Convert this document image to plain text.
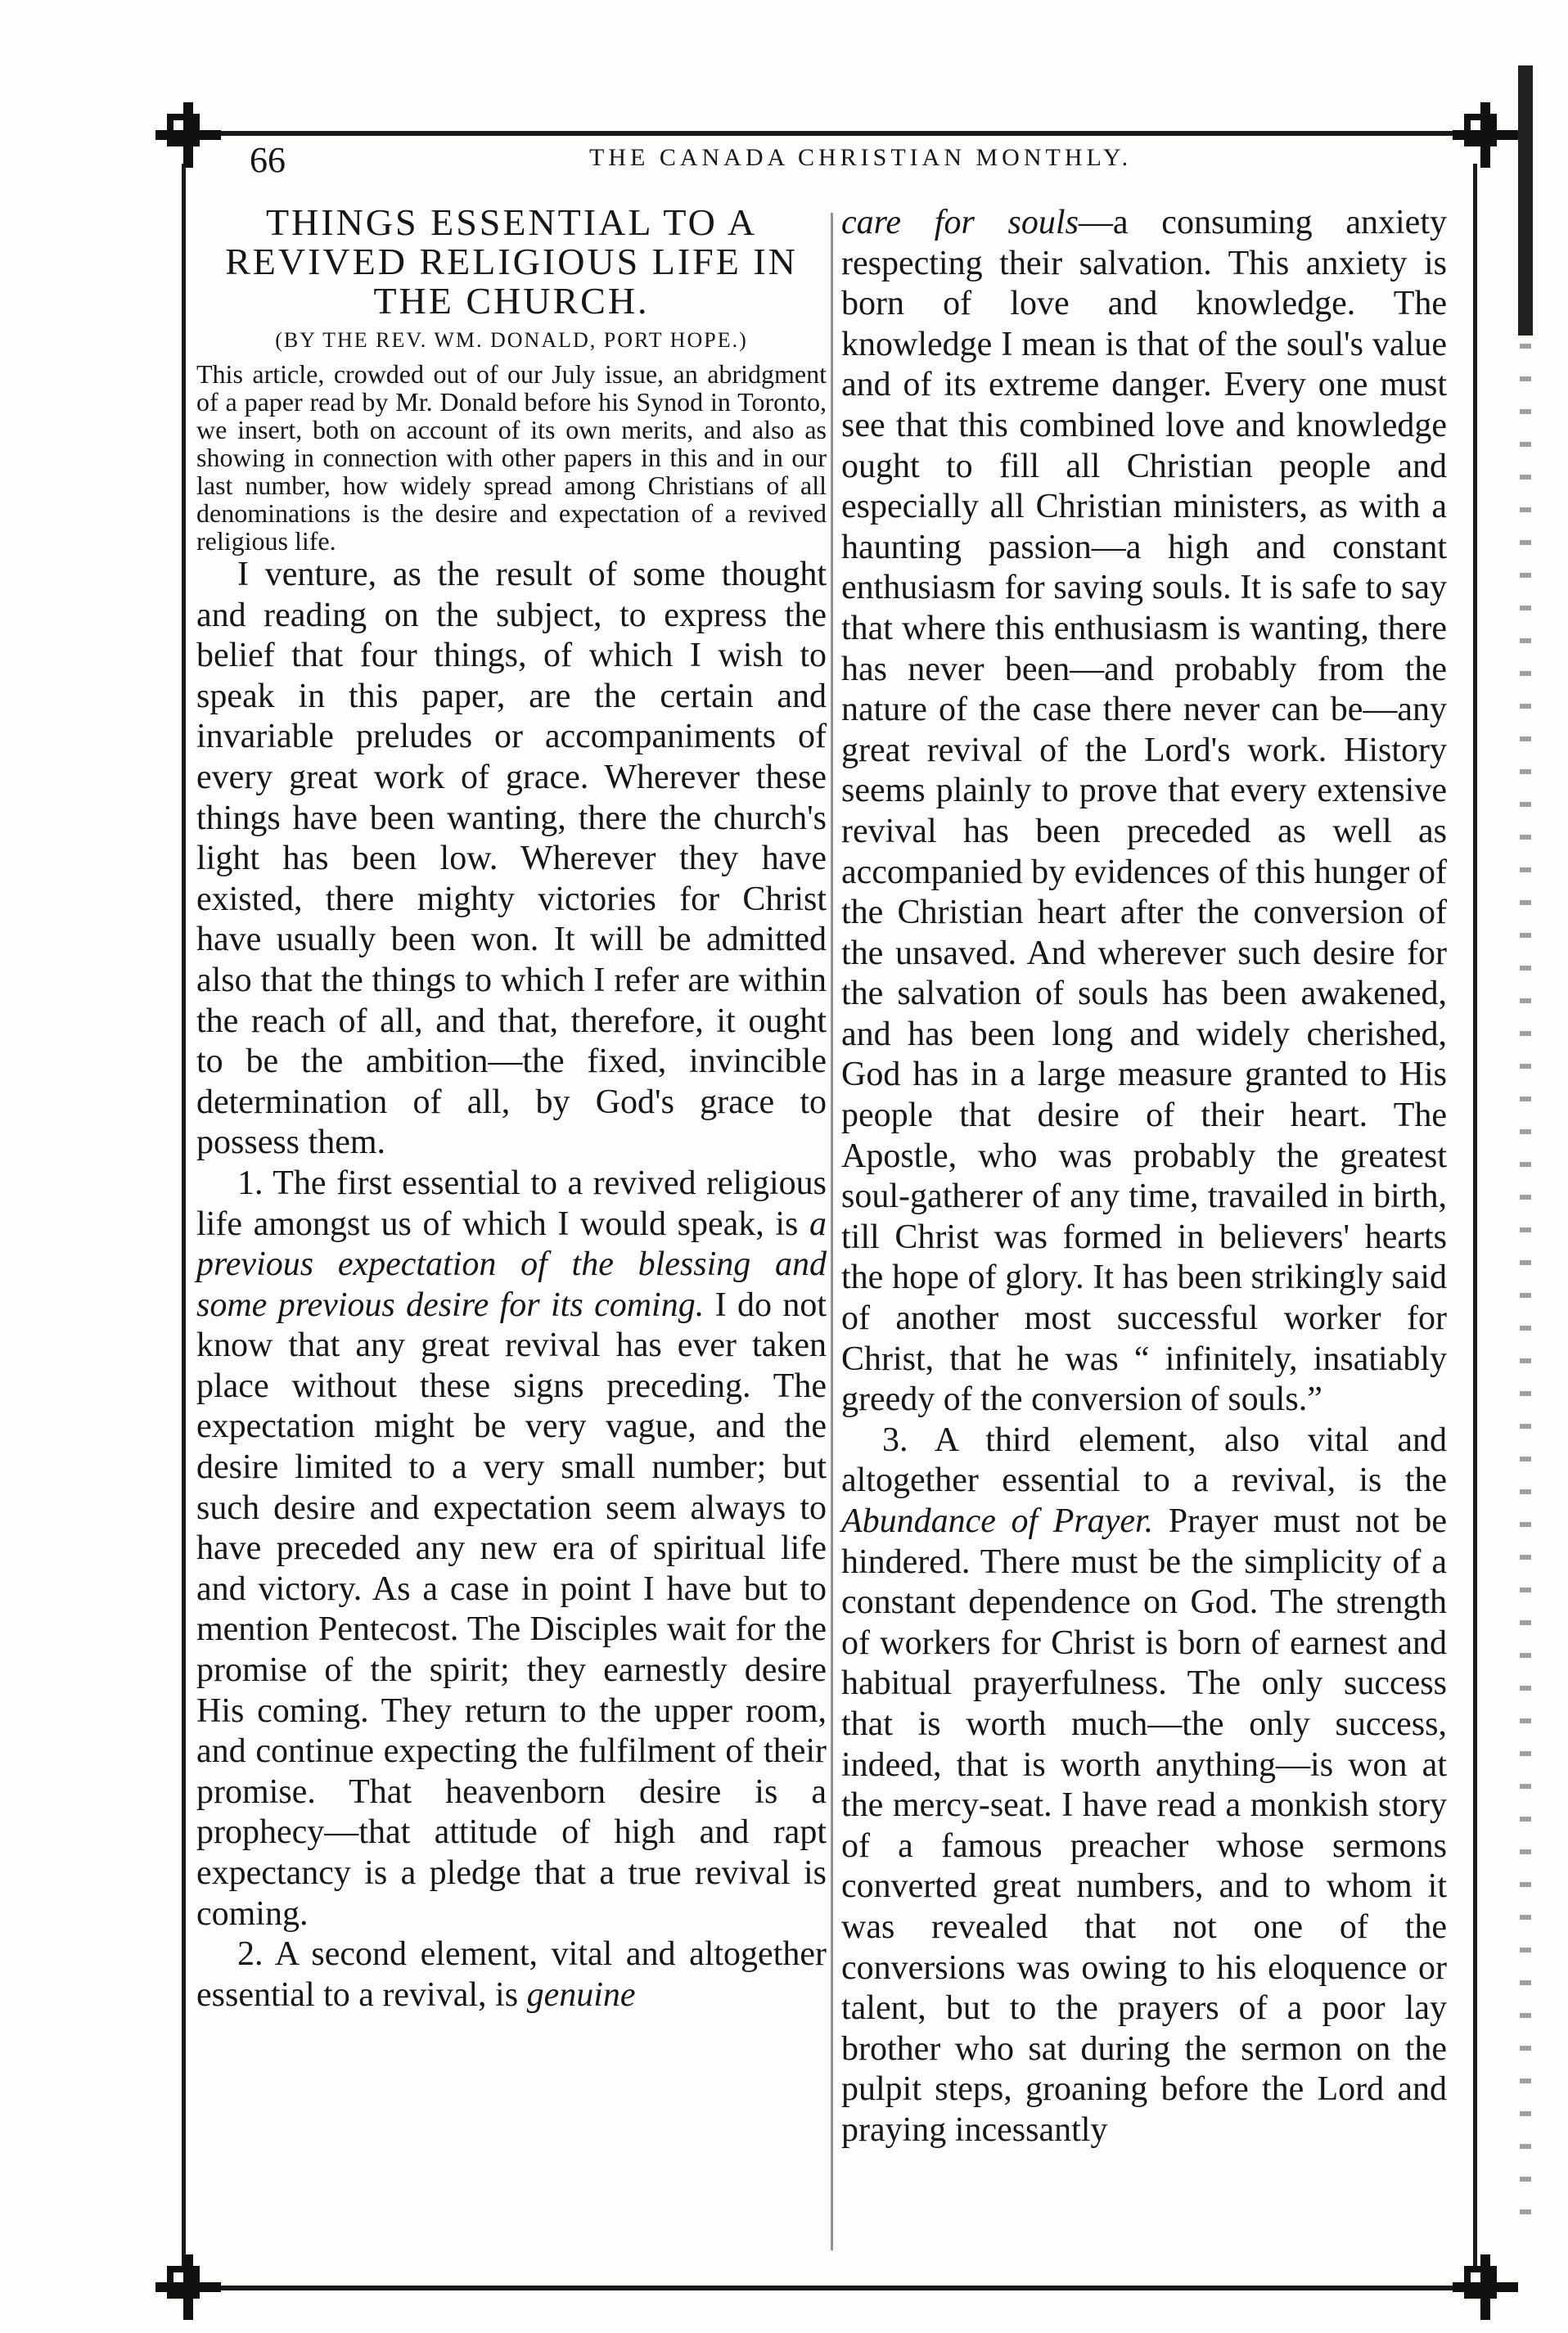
66	THE CANADA CHRISTIAN MONTHLY.

THINGS ESSENTIAL TO A REVIVED RELIGIOUS LIFE IN THE CHURCH.

(BY THE REV. WM. DONALD, PORT HOPE.)

This article, crowded out of our July issue, an abridgment of a paper read by Mr. Donald before his Synod in Toronto, we insert, both on account of its own merits, and also as showing in connection with other papers in this and in our last number, how widely spread among Christians of all denominations is the desire and expectation of a revived religious life.

I venture, as the result of some thought and reading on the subject, to express the belief that four things, of which I wish to speak in this paper, are the certain and invariable preludes or accompaniments of every great work of grace. Wherever these things have been wanting, there the church's light has been low. Wherever they have existed, there mighty victories for Christ have usually been won. It will be admitted also that the things to which I refer are within the reach of all, and that, therefore, it ought to be the ambition—the fixed, invincible determination of all, by God's grace to possess them.

1. The first essential to a revived religious life amongst us of which I would speak, is a previous expectation of the blessing and some previous desire for its coming. I do not know that any great revival has ever taken place without these signs preceding. The expectation might be very vague, and the desire limited to a very small number; but such desire and expectation seem always to have preceded any new era of spiritual life and victory. As a case in point I have but to mention Pentecost. The Disciples wait for the promise of the spirit; they earnestly desire His coming. They return to the upper room, and continue expecting the fulfilment of their promise. That heavenborn desire is a prophecy—that attitude of high and rapt expectancy is a pledge that a true revival is coming.

2. A second element, vital and altogether essential to a revival, is genuine

care for souls—a consuming anxiety respecting their salvation. This anxiety is born of love and knowledge. The knowledge I mean is that of the soul's value and of its extreme danger. Every one must see that this combined love and knowledge ought to fill all Christian people and especially all Christian ministers, as with a haunting passion—a high and constant enthusiasm for saving souls. It is safe to say that where this enthusiasm is wanting, there has never been—and probably from the nature of the case there never can be—any great revival of the Lord's work. History seems plainly to prove that every extensive revival has been preceded as well as accompanied by evidences of this hunger of the Christian heart after the conversion of the unsaved. And wherever such desire for the salvation of souls has been awakened, and has been long and widely cherished, God has in a large measure granted to His people that desire of their heart. The Apostle, who was probably the greatest soul-gatherer of any time, travailed in birth, till Christ was formed in believers' hearts the hope of glory. It has been strikingly said of another most successful worker for Christ, that he was “ infinitely, insatiably greedy of the conversion of souls.”

3. A third element, also vital and altogether essential to a revival, is the Abundance of Prayer. Prayer must not be hindered. There must be the simplicity of a constant dependence on God. The strength of workers for Christ is born of earnest and habitual prayerfulness. The only success that is worth much—the only success, indeed, that is worth anything—is won at the mercy-seat. I have read a monkish story of a famous preacher whose sermons converted great numbers, and to whom it was revealed that not one of the conversions was owing to his eloquence or talent, but to the prayers of a poor lay brother who sat during the sermon on the pulpit steps, groaning before the Lord and praying incessantly
